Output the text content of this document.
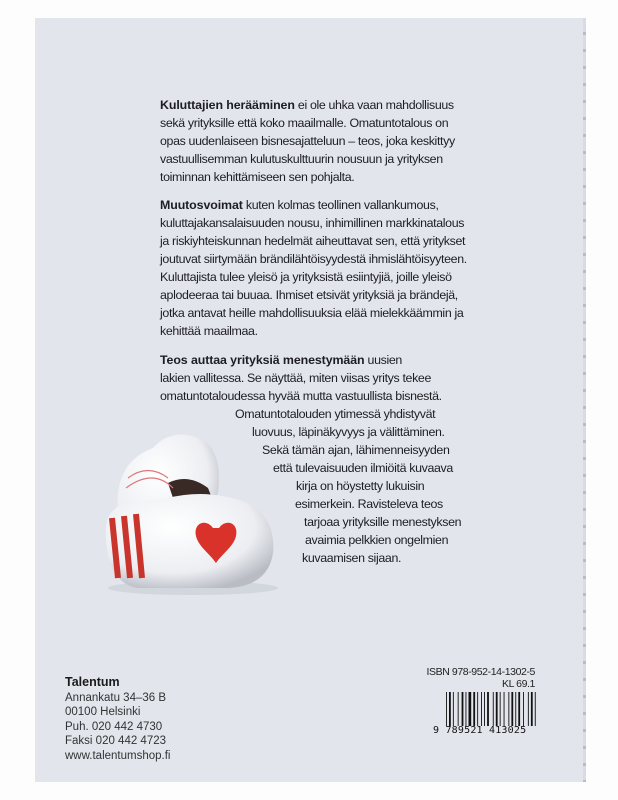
Kuluttajien herääminen ei ole uhka vaan mahdollisuus
sekä yrityksille että koko maailmalle. Omatuntotalous on
opas uudenlaiseen bisnesajatteluun – teos, joka keskittyy
vastuullisemman kulutuskulttuurin nousuun ja yrityksen
toiminnan kehittämiseen sen pohjalta.
Muutosvoimat kuten kolmas teollinen vallankumous,
kuluttajakansalaisuuden nousu, inhimillinen markkinatalous
ja riskiyhteiskunnan hedelmät aiheuttavat sen, että yritykset
joutuvat siirtymään brändilähtöisyydestä ihmislähtöisyyteen.
Kuluttajista tulee yleisö ja yrityksistä esiintyjiä, joille yleisö
aplodeeraa tai buuaa. Ihmiset etsivät yrityksiä ja brändejä,
jotka antavat heille mahdollisuuksia elää mielekkäämmin ja
kehittää maailmaa.
Teos auttaa yrityksiä menestymään uusien
lakien vallitessa. Se näyttää, miten viisas yritys tekee
omatuntotaloudessa hyvää mutta vastuullista bisnestä.
Omatuntotalouden ytimessä yhdistyvät
luovuus, läpinäkyvyys ja välittäminen.
Sekä tämän ajan, lähimenneisyyden
että tulevaisuuden ilmiöitä kuvaava
kirja on höystetty lukuisin
esimerkein. Ravisteleva teos
tarjoaa yrityksille menestyksen
avaimia pelkkien ongelmien
kuvaamisen sijaan.
Talentum
Annankatu 34–36 B
00100 Helsinki
Puh. 020 442 4730
Faksi 020 442 4723
www.talentumshop.fi
ISBN 978-952-14-1302-5
KL 69.1
9 789521 413025
